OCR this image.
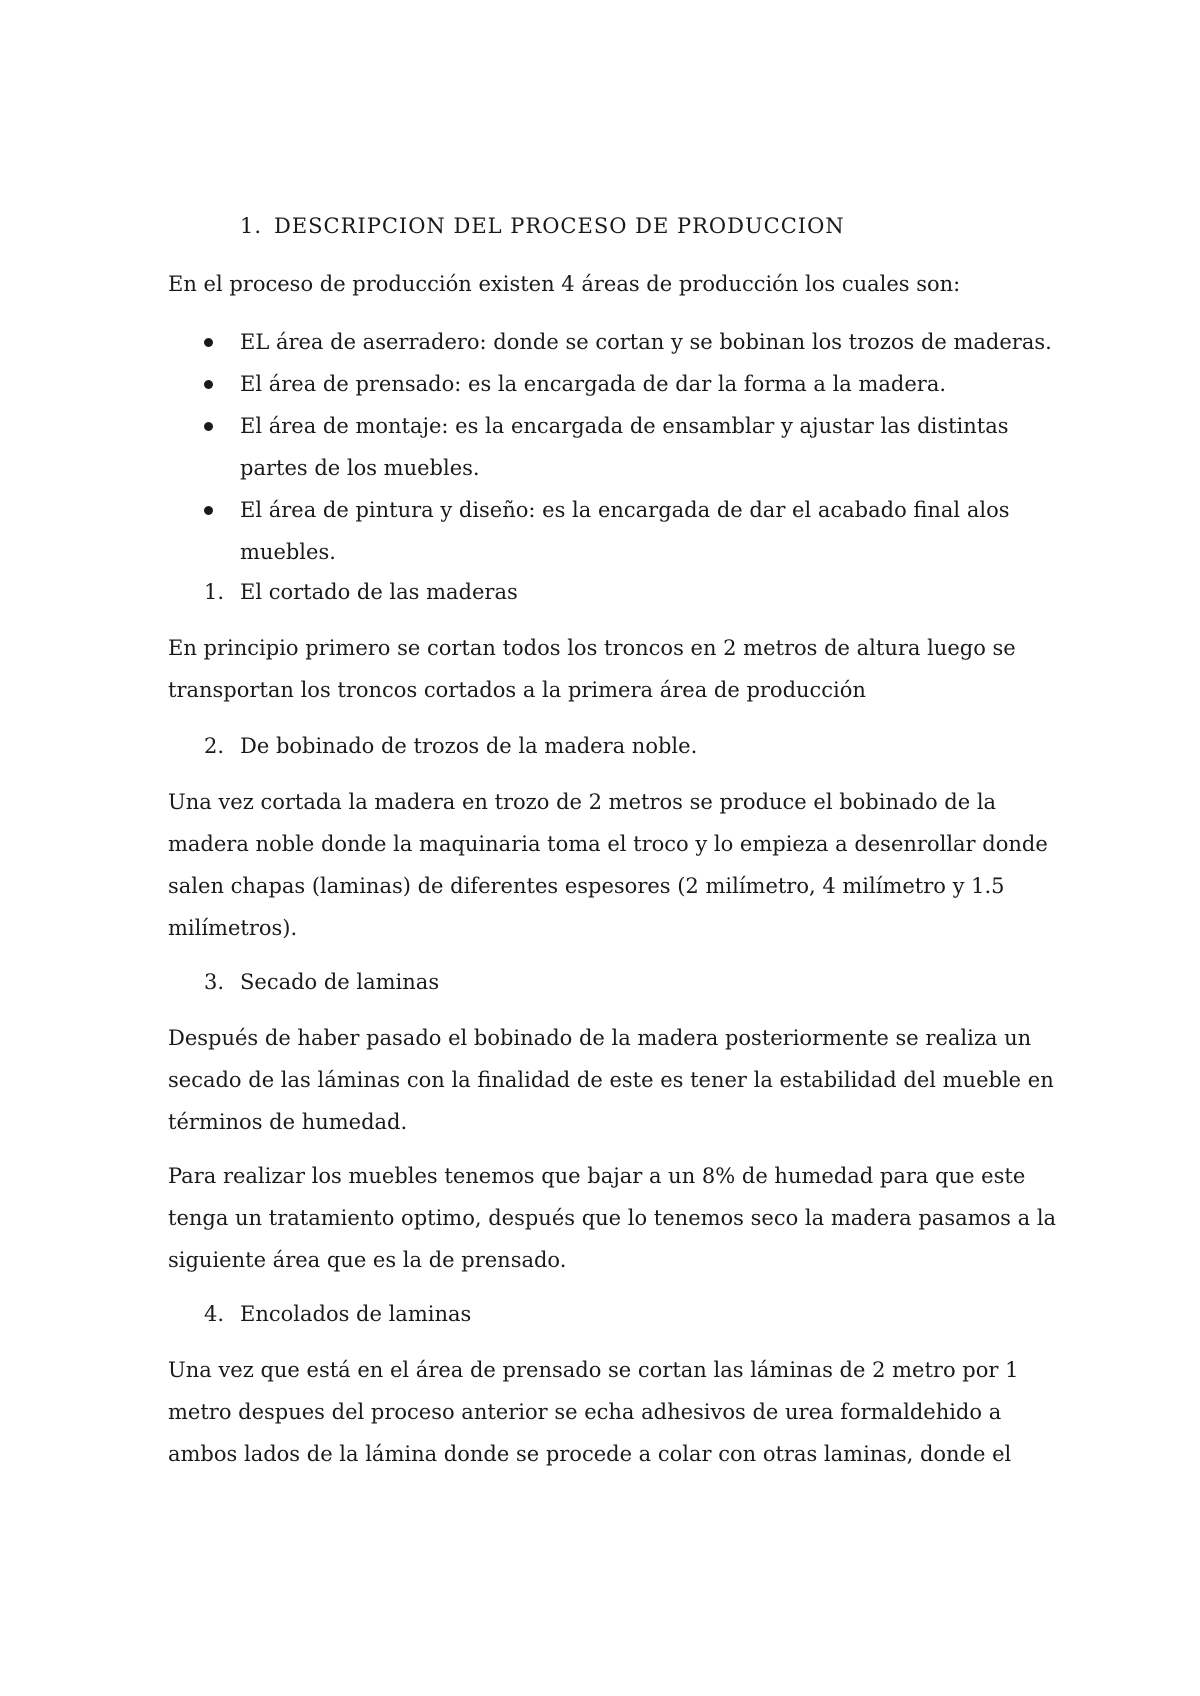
1. DESCRIPCION DEL PROCESO DE PRODUCCION
En el proceso de producción existen 4 áreas de producción los cuales son:
EL área de aserradero: donde se cortan y se bobinan los trozos de maderas.
El área de prensado: es la encargada de dar la forma a la madera.
El área de montaje: es la encargada de ensamblar y ajustar las distintas
partes de los muebles.
El área de pintura y diseño: es la encargada de dar el acabado final alos
muebles.
1. El cortado de las maderas
En principio primero se cortan todos los troncos en 2 metros de altura luego se
transportan los troncos cortados a la primera área de producción
2. De bobinado de trozos de la madera noble.
Una vez cortada la madera en trozo de 2 metros se produce el bobinado de la
madera noble donde la maquinaria toma el troco y lo empieza a desenrollar donde
salen chapas (laminas) de diferentes espesores (2 milímetro, 4 milímetro y 1.5
milímetros).
3. Secado de laminas
Después de haber pasado el bobinado de la madera posteriormente se realiza un
secado de las láminas con la finalidad de este es tener la estabilidad del mueble en
términos de humedad.
Para realizar los muebles tenemos que bajar a un 8% de humedad para que este
tenga un tratamiento optimo, después que lo tenemos seco la madera pasamos a la
siguiente área que es la de prensado.
4. Encolados de laminas
Una vez que está en el área de prensado se cortan las láminas de 2 metro por 1
metro despues del proceso anterior se echa adhesivos de urea formaldehido a
ambos lados de la lámina donde se procede a colar con otras laminas, donde el
